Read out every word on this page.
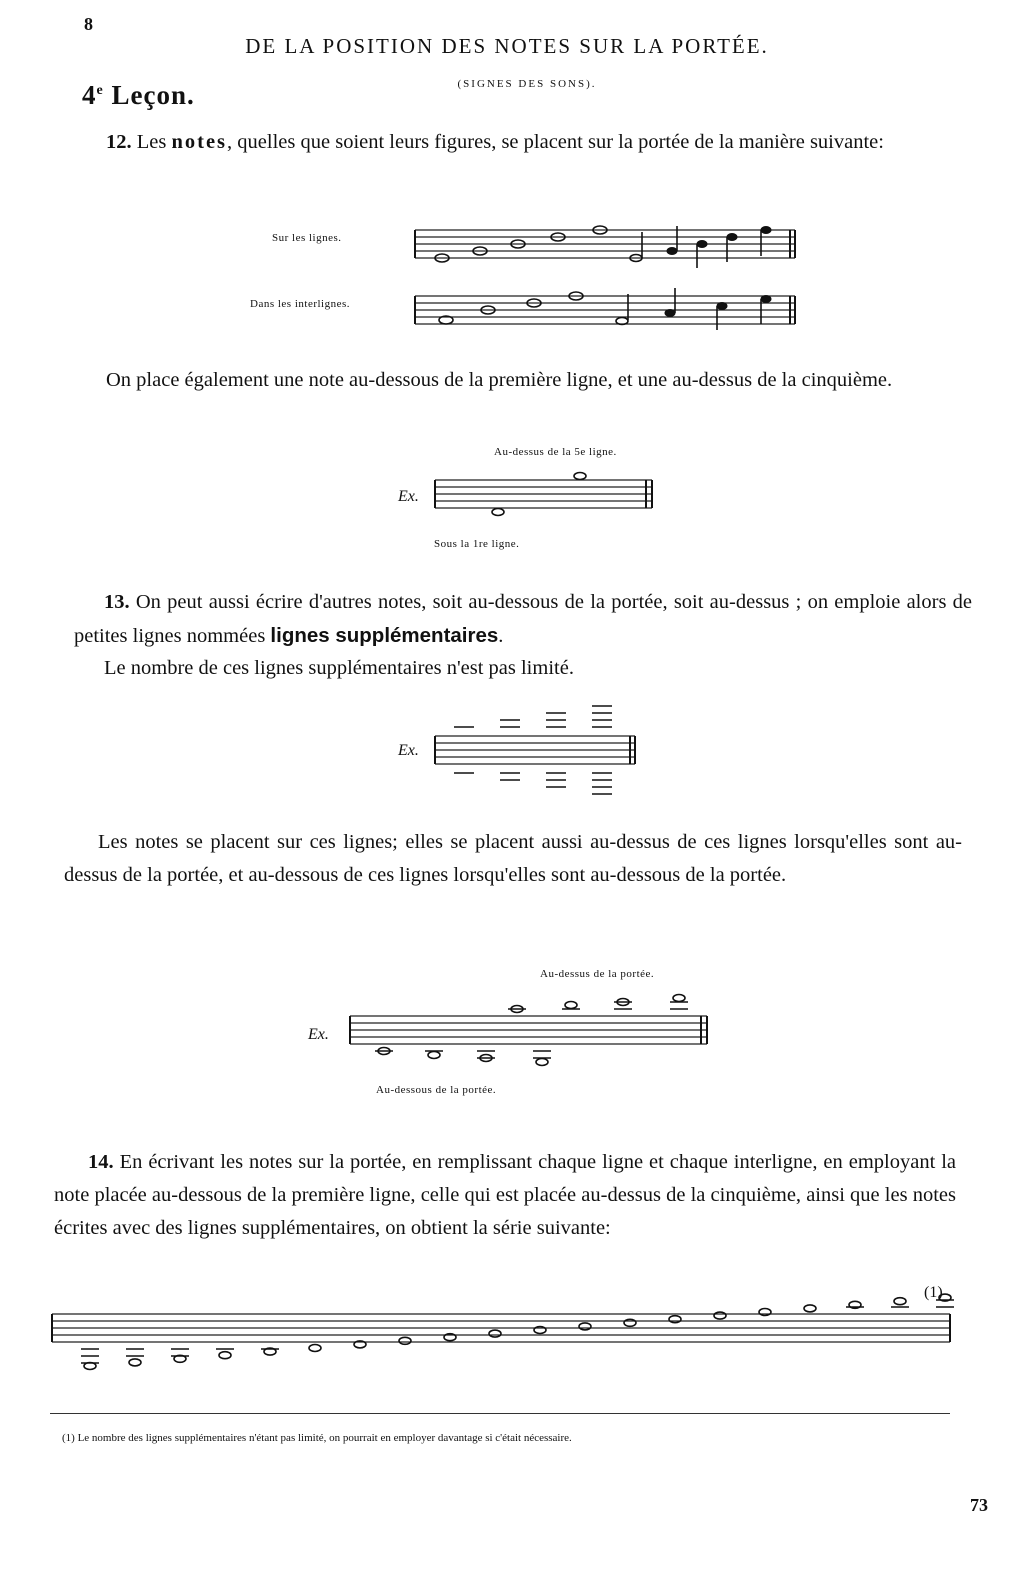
8
DE LA POSITION DES NOTES SUR LA PORTÉE.
(SIGNES DES SONS).
4e Leçon.
12. Les notes, quelles que soient leurs figures, se placent sur la portée de la manière suivante:
Sur les lignes.
Dans les interlignes.
On place également une note au-dessous de la première ligne, et une au-dessus de la cinquième.
Au-dessus de la 5e ligne.
Ex.
Sous la 1re ligne.
13. On peut aussi écrire d'autres notes, soit au-dessous de la portée, soit au-dessus ; on emploie alors de petites lignes nommées lignes supplémentaires.
Le nombre de ces lignes supplémentaires n'est pas limité.
Ex.
Les notes se placent sur ces lignes; elles se placent aussi au-dessus de ces lignes lorsqu'elles sont au-dessus de la portée, et au-dessous de ces lignes lorsqu'elles sont au-dessous de la portée.
Au-dessus de la portée.
Ex.
Au-dessous de la portée.
14. En écrivant les notes sur la portée, en remplissant chaque ligne et chaque interligne, en employant la note placée au-dessous de la première ligne, celle qui est placée au-dessus de la cinquième, ainsi que les notes écrites avec des lignes supplémentaires, on obtient la série suivante:
(1)
(1) Le nombre des lignes supplémentaires n'étant pas limité, on pourrait en employer davantage si c'était nécessaire.
73
